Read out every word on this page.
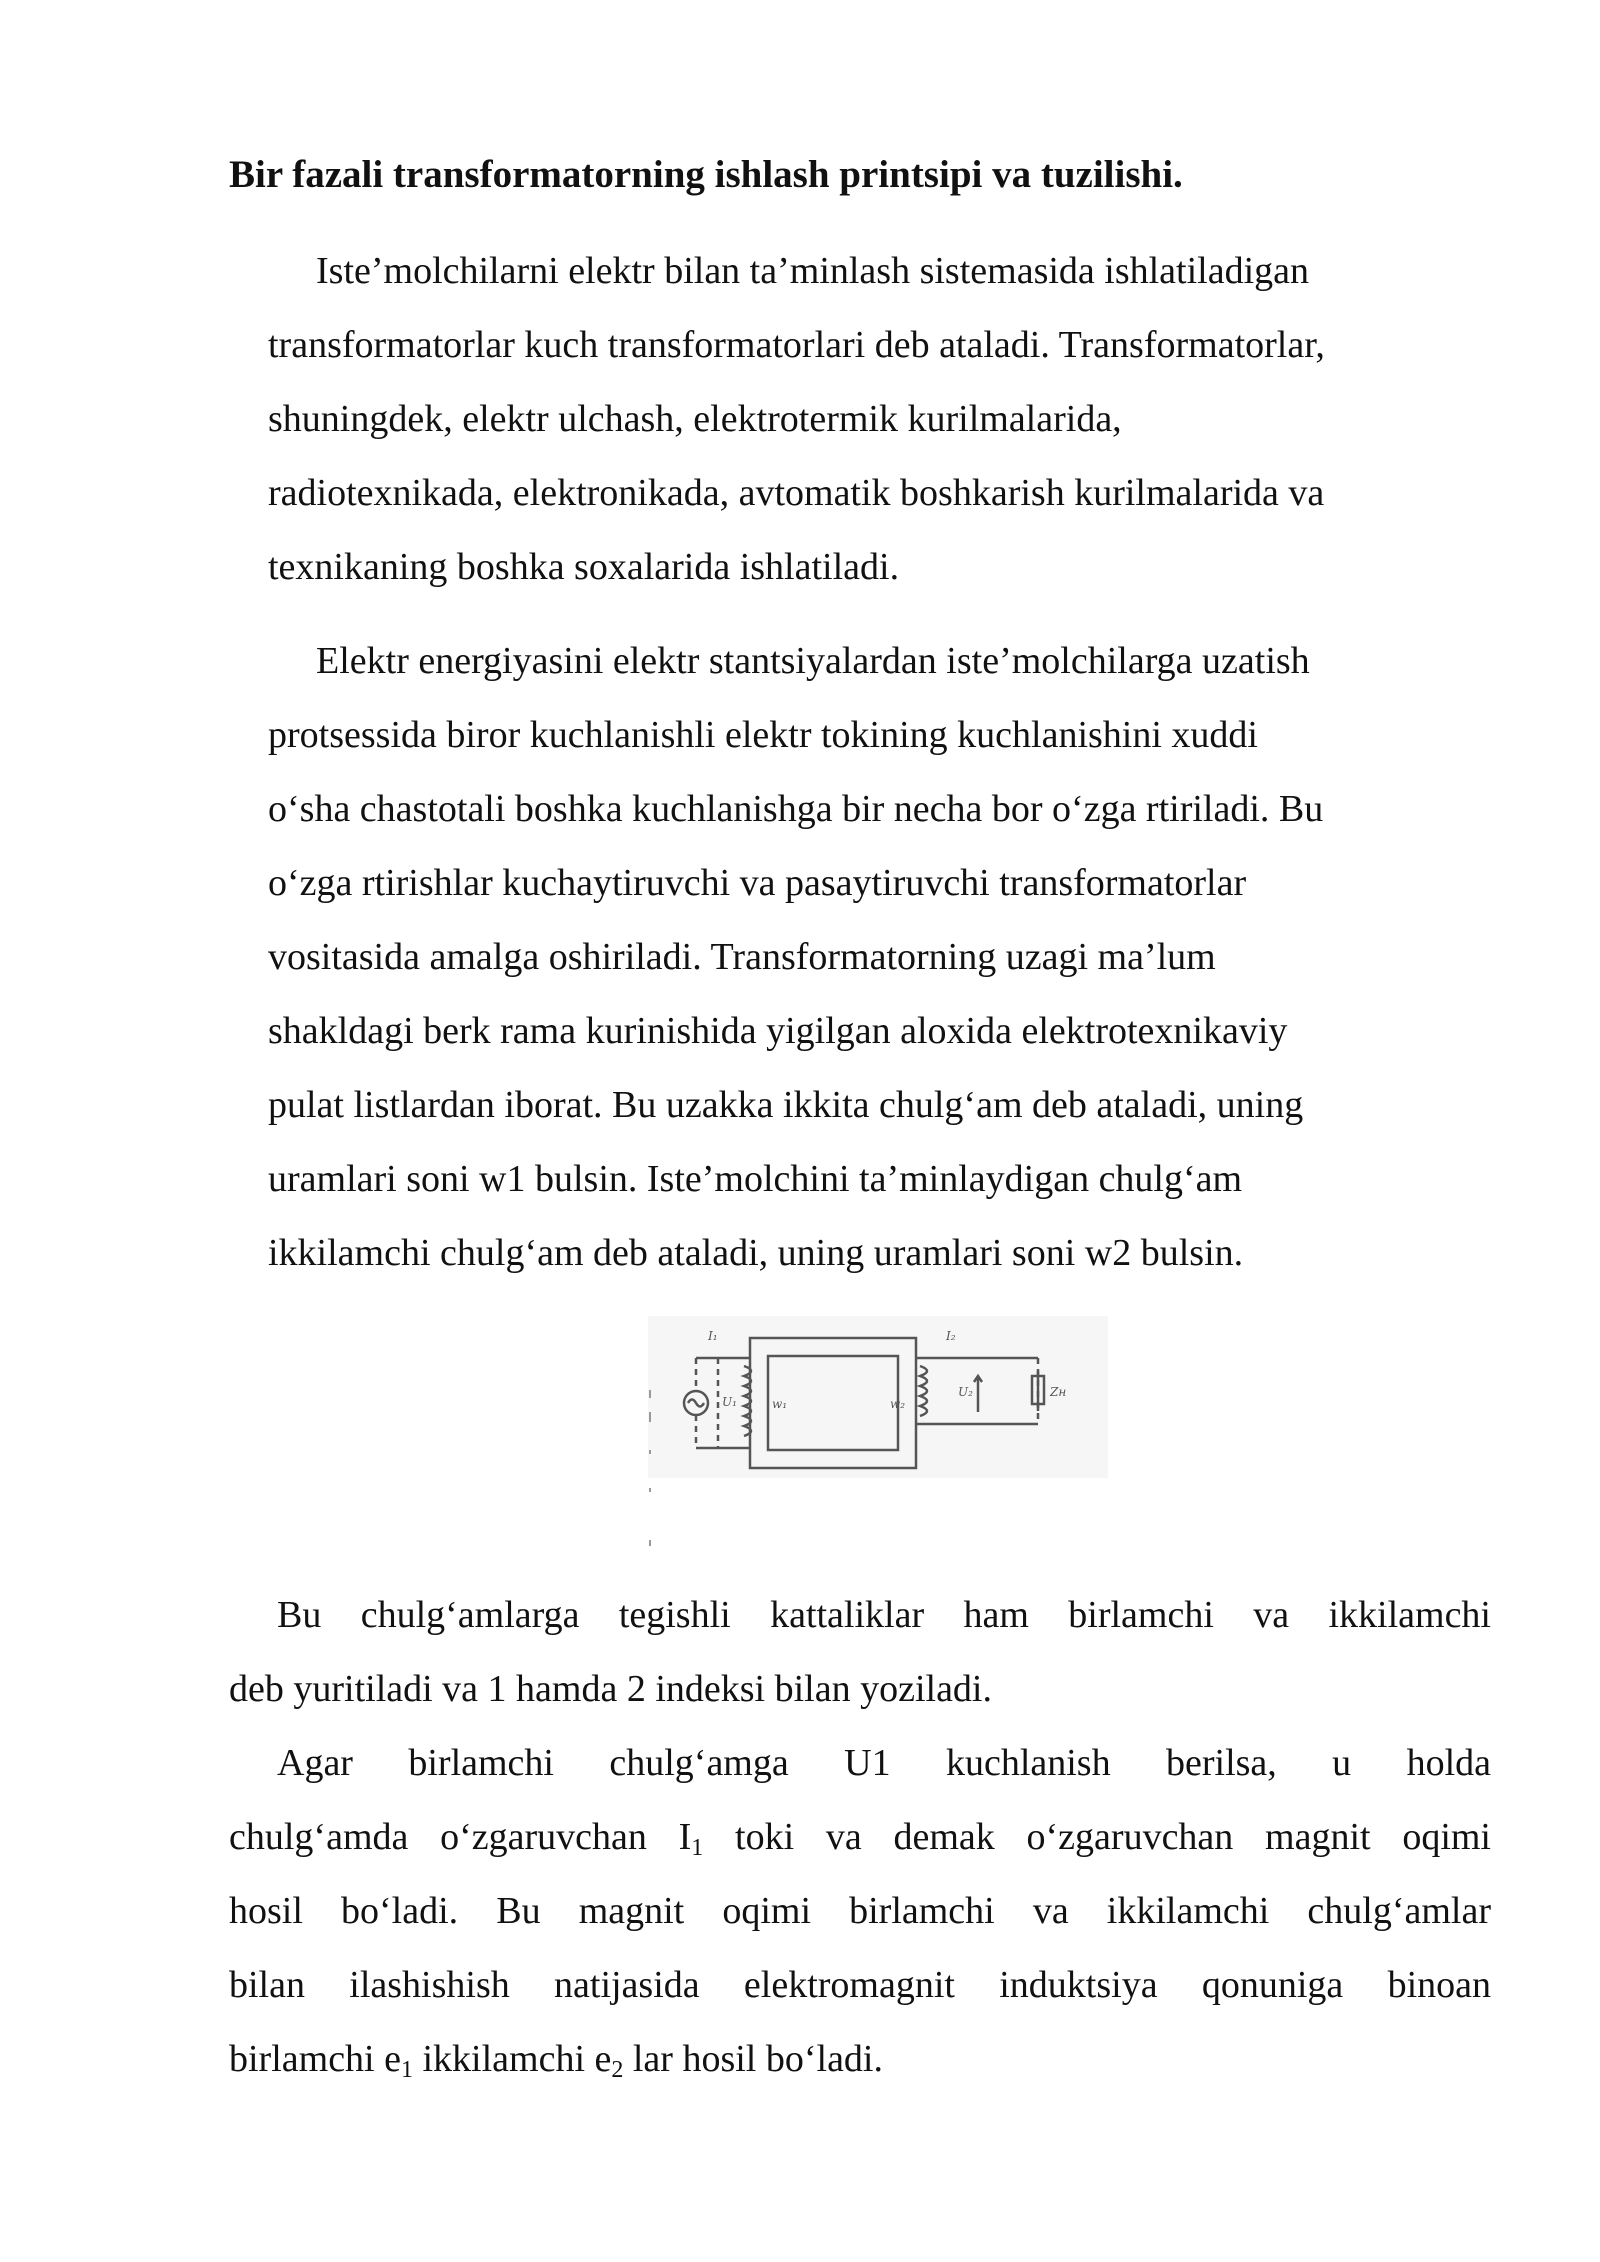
Bir fazali transformatorning ishlash printsipi va tuzilishi.

Iste’molchilarni elektr bilan ta’minlash sistemasida ishlatiladigan
transformatorlar kuch transformatorlari deb ataladi. Transformatorlar,
shuningdek, elektr ulchash, elektrotermik kurilmalarida,
radiotexnikada, elektronikada, avtomatik boshkarish kurilmalarida va
texnikaning boshka soxalarida ishlatiladi.

Elektr energiyasini elektr stantsiyalardan iste’molchilarga uzatish
protsessida biror kuchlanishli elektr tokining kuchlanishini xuddi
o‘sha chastotali boshka kuchlanishga bir necha bor o‘zga rtiriladi. Bu
o‘zga rtirishlar kuchaytiruvchi va pasaytiruvchi transformatorlar
vositasida amalga oshiriladi. Transformatorning uzagi ma’lum
shakldagi berk rama kurinishida yigilgan aloxida elektrotexnikaviy
pulat listlardan iborat. Bu uzakka ikkita chulg‘am deb ataladi, uning
uramlari soni w1 bulsin. Iste’molchini ta’minlaydigan chulg‘am
ikkilamchi chulg‘am deb ataladi, uning uramlari soni w2 bulsin.

I₁
U₁	w₁	w₂
I₂
U₂	Zн
Bu chulg‘amlarga tegishli kattaliklar ham birlamchi va ikkilamchi
deb yuritiladi va 1 hamda 2 indeksi bilan yoziladi.
Agar birlamchi chulg‘amga U1 kuchlanish berilsa, u holda
chulg‘amda o‘zgaruvchan $I_1$ toki va demak o‘zgaruvchan magnit oqimi
hosil bo‘ladi. Bu magnit oqimi birlamchi va ikkilamchi chulg‘amlar
bilan ilashishish natijasida elektromagnit induktsiya qonuniga binoan
birlamchi $e_1$ ikkilamchi $e_2$ lar hosil bo‘ladi.
